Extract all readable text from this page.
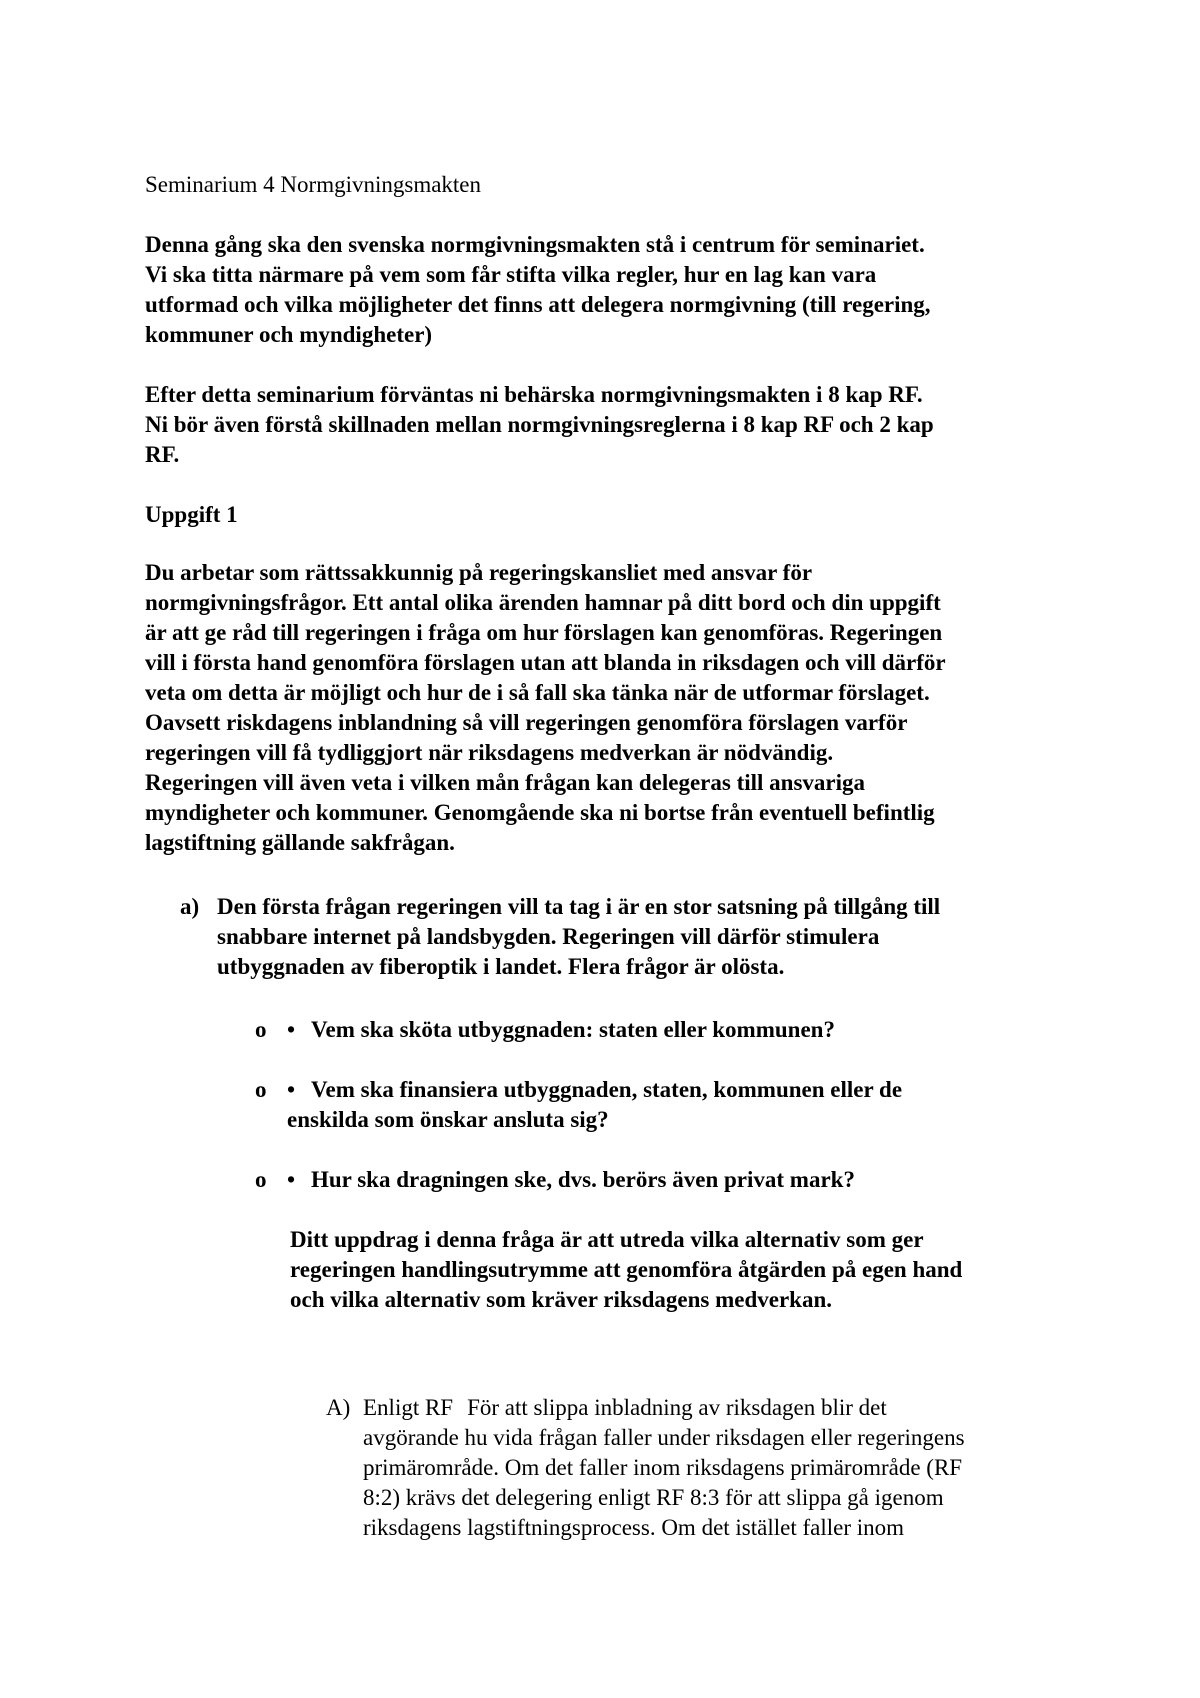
Seminarium 4 Normgivningsmakten
Denna gång ska den svenska normgivningsmakten stå i centrum för seminariet.
Vi ska titta närmare på vem som får stifta vilka regler, hur en lag kan vara
utformad och vilka möjligheter det finns att delegera normgivning (till regering,
kommuner och myndigheter)
Efter detta seminarium förväntas ni behärska normgivningsmakten i 8 kap RF.
Ni bör även förstå skillnaden mellan normgivningsreglerna i 8 kap RF och 2 kap
RF.
Uppgift 1
Du arbetar som rättssakkunnig på regeringskansliet med ansvar för
normgivningsfrågor. Ett antal olika ärenden hamnar på ditt bord och din uppgift
är att ge råd till regeringen i fråga om hur förslagen kan genomföras. Regeringen
vill i första hand genomföra förslagen utan att blanda in riksdagen och vill därför
veta om detta är möjligt och hur de i så fall ska tänka när de utformar förslaget.
Oavsett riskdagens inblandning så vill regeringen genomföra förslagen varför
regeringen vill få tydliggjort när riksdagens medverkan är nödvändig.
Regeringen vill även veta i vilken mån frågan kan delegeras till ansvariga
myndigheter och kommuner. Genomgående ska ni bortse från eventuell befintlig
lagstiftning gällande sakfrågan.
a) Den första frågan regeringen vill ta tag i är en stor satsning på tillgång till
snabbare internet på landsbygden. Regeringen vill därför stimulera
utbyggnaden av fiberoptik i landet. Flera frågor är olösta.
o • Vem ska sköta utbyggnaden: staten eller kommunen?
o • Vem ska finansiera utbyggnaden, staten, kommunen eller de
enskilda som önskar ansluta sig?
o • Hur ska dragningen ske, dvs. berörs även privat mark?
Ditt uppdrag i denna fråga är att utreda vilka alternativ som ger
regeringen handlingsutrymme att genomföra åtgärden på egen hand
och vilka alternativ som kräver riksdagens medverkan.
A) Enligt RF För att slippa inbladning av riksdagen blir det
avgörande hu vida frågan faller under riksdagen eller regeringens
primärområde. Om det faller inom riksdagens primärområde (RF
8:2) krävs det delegering enligt RF 8:3 för att slippa gå igenom
riksdagens lagstiftningsprocess. Om det istället faller inom
